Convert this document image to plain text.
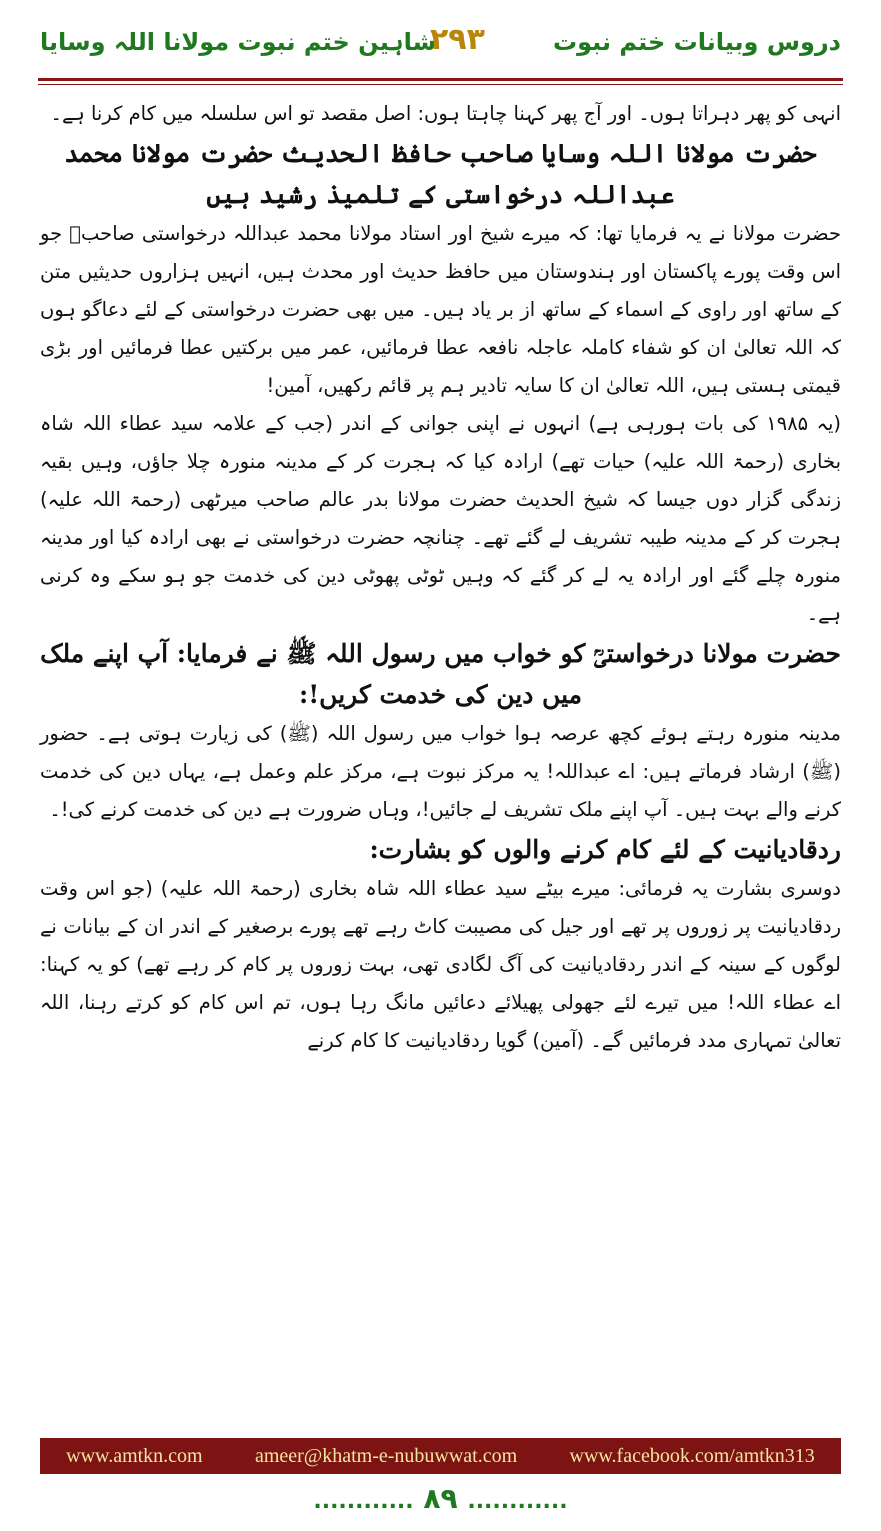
شاہین ختم نبوت مولانا اللہ وسایا
۲۹۳	دروس وبیانات ختم نبوت

انہی کو پھر دہراتا ہوں۔ اور آج پھر کہنا چاہتا ہوں: اصل مقصد تو اس سلسلہ میں کام کرنا ہے۔

حضرت مولانا اللہ وسایا صاحب حافظ الحدیث حضرت مولانا محمد عبداللہ درخواستی کے تلمیذ رشید ہیں

حضرت مولانا نے یہ فرمایا تھا: کہ میرے شیخ اور استاد مولانا محمد عبداللہ درخواستی صاحبؒ جو اس وقت پورے پاکستان اور ہندوستان میں حافظ حدیث اور محدث ہیں، انہیں ہزاروں حدیثیں متن کے ساتھ اور راوی کے اسماء کے ساتھ از بر یاد ہیں۔ میں بھی حضرت درخواستی کے لئے دعاگو ہوں کہ اللہ تعالیٰ ان کو شفاء کاملہ عاجلہ نافعہ عطا فرمائیں، عمر میں برکتیں عطا فرمائیں اور بڑی قیمتی ہستی ہیں، اللہ تعالیٰ ان کا سایہ تادیر ہم پر قائم رکھیں، آمین!

(یہ ۱۹۸۵ کی بات ہورہی ہے) انہوں نے اپنی جوانی کے اندر (جب کے علامہ سید عطاء اللہ شاہ بخاری (رحمۃ اللہ علیہ) حیات تھے) ارادہ کیا کہ ہجرت کر کے مدینہ منورہ چلا جاؤں، وہیں بقیہ زندگی گزار دوں جیسا کہ شیخ الحدیث حضرت مولانا بدر عالم صاحب میرٹھی (رحمۃ اللہ علیہ) ہجرت کر کے مدینہ طیبہ تشریف لے گئے تھے۔ چنانچہ حضرت درخواستی نے بھی ارادہ کیا اور مدینہ منورہ چلے گئے اور ارادہ یہ لے کر گئے کہ وہیں ٹوٹی پھوٹی دین کی خدمت جو ہو سکے وہ کرنی ہے۔

حضرت مولانا درخواستیؒ کو خواب میں رسول اللہ ﷺ نے فرمایا: آپ اپنے ملک میں دین کی خدمت کریں!:

مدینہ منورہ رہتے ہوئے کچھ عرصہ ہوا خواب میں رسول اللہ (ﷺ) کی زیارت ہوتی ہے۔ حضور (ﷺ) ارشاد فرماتے ہیں: اے عبداللہ! یہ مرکز نبوت ہے، مرکز علم وعمل ہے، یہاں دین کی خدمت کرنے والے بہت ہیں۔ آپ اپنے ملک تشریف لے جائیں!، وہاں ضرورت ہے دین کی خدمت کرنے کی!۔

ردقادیانیت کے لئے کام کرنے والوں کو بشارت:

دوسری بشارت یہ فرمائی: میرے بیٹے سید عطاء اللہ شاہ بخاری (رحمۃ اللہ علیہ) (جو اس وقت ردقادیانیت پر زوروں پر تھے اور جیل کی مصیبت کاٹ رہے تھے پورے برصغیر کے اندر ان کے بیانات نے لوگوں کے سینہ کے اندر ردقادیانیت کی آگ لگادی تھی، بہت زوروں پر کام کر رہے تھے) کو یہ کہنا: اے عطاء اللہ! میں تیرے لئے جھولی پھیلائے دعائیں مانگ رہا ہوں، تم اس کام کو کرتے رہنا، اللہ تعالیٰ تمہاری مدد فرمائیں گے۔ (آمین) گویا ردقادیانیت کا کام کرنے

www.amtkn.com	ameer@khatm-e-nubuwwat.com	www.facebook.com/amtkn313
............ ۸۹ ............
